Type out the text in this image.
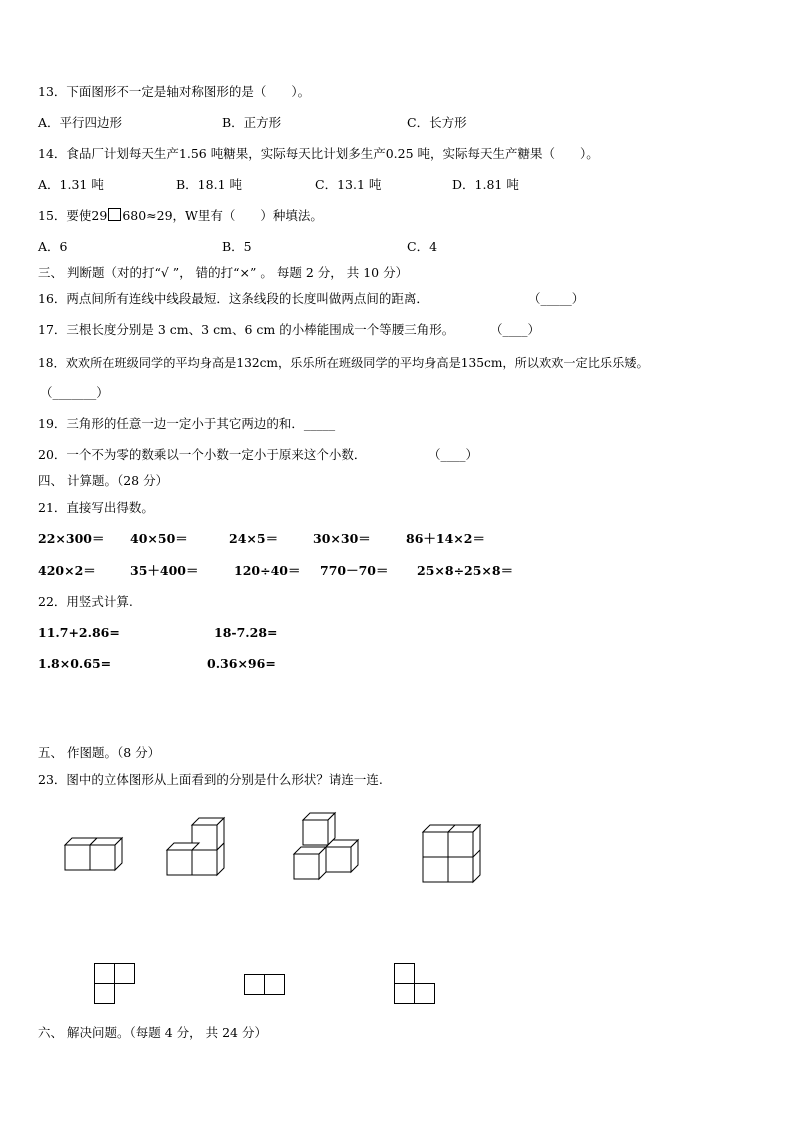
13．下面图形不一定是轴对称图形的是（　　）。
A．平行四边形	B．正方形	C．长方形
14．食品厂计划每天生产1.56 吨糖果，实际每天比计划多生产0.25 吨，实际每天生产糖果（　　）。
A．1.31 吨	B．18.1 吨	C．13.1 吨	D．1.81 吨
15．要使29 680≈29，W里有（　　）种填法。
A．6	B．5	C．4
三、 判断题（对的打“√ ”， 错的打“×” 。 每题 2 分， 共 10 分）
16．两点间所有连线中线段最短．这条线段的长度叫做两点间的距离．	（_____）
17．三根长度分别是 3 cm、3 cm、6 cm 的小棒能围成一个等腰三角形。	（____）
18．欢欢所在班级同学的平均身高是132cm，乐乐所在班级同学的平均身高是135cm，所以欢欢一定比乐乐矮。
（_______）
19．三角形的任意一边一定小于其它两边的和．_____
20．一个不为零的数乘以一个小数一定小于原来这个小数．	（____）
四、 计算题。（28 分）
21．直接写出得数。
22×300＝ 40×50＝	24×5＝	30×30＝	86＋14×2＝
420×2＝	35＋400＝	120÷40＝ 770－70＝ 25×8÷25×8＝
22．用竖式计算.
11.7+2.86=	18-7.28=
1.8×0.65=	0.36×96=
五、 作图题。（8 分）
23．图中的立体图形从上面看到的分别是什么形状？请连一连.
六、 解决问题。（每题 4 分， 共 24 分）
